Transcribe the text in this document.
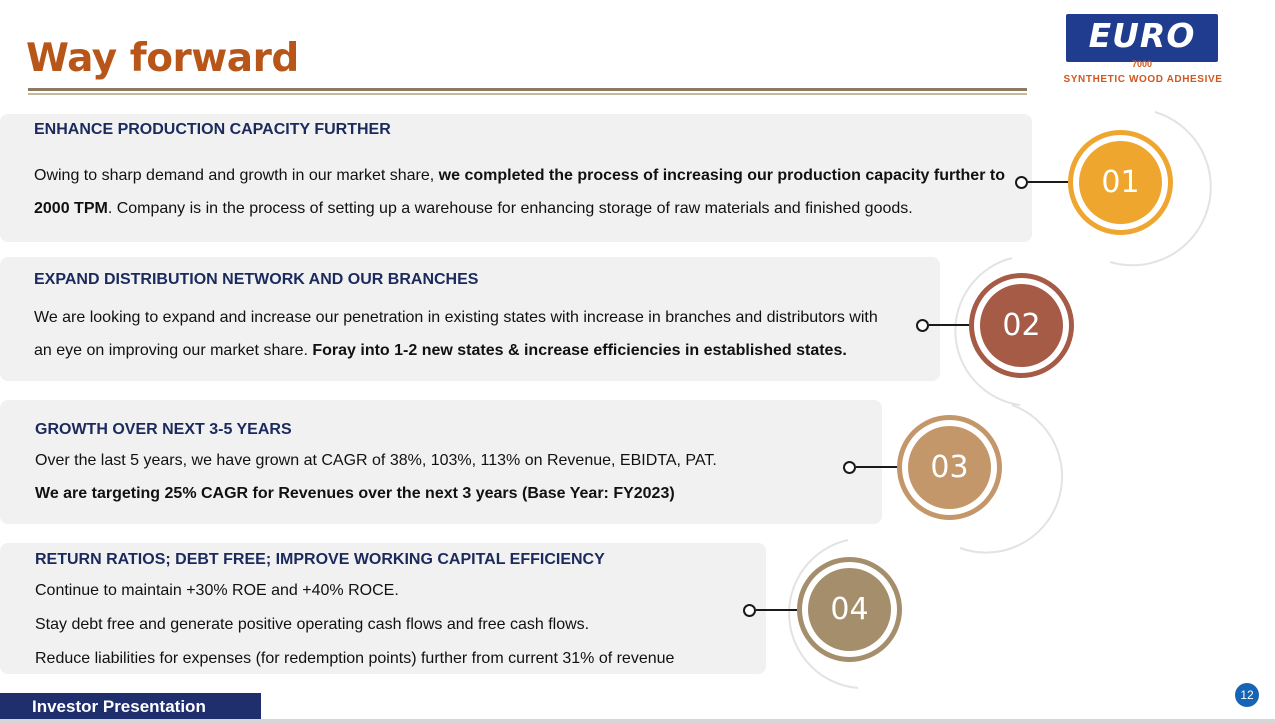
Way forward
EURO
7000
SYNTHETIC WOOD ADHESIVE
ENHANCE PRODUCTION CAPACITY FURTHER
Owing to sharp demand and growth in our market share, we completed the process of increasing our production capacity further to
2000 TPM. Company is in the process of setting up a warehouse for enhancing storage of raw materials and finished goods.
01
EXPAND DISTRIBUTION NETWORK AND OUR BRANCHES
We are looking to expand and increase our penetration in existing states with increase in branches and distributors with
an eye on improving our market share. Foray into 1-2 new states & increase efficiencies in established states.
02
GROWTH OVER NEXT 3-5 YEARS
Over the last 5 years, we have grown at CAGR of 38%, 103%, 113% on Revenue, EBIDTA, PAT.
We are targeting 25% CAGR for Revenues over the next 3 years (Base Year: FY2023)
03
RETURN RATIOS; DEBT FREE; IMPROVE WORKING CAPITAL EFFICIENCY
Continue to maintain +30% ROE and +40% ROCE.
Stay debt free and generate positive operating cash flows and free cash flows.
Reduce liabilities for expenses (for redemption points) further from current 31% of revenue
04
Investor Presentation
12
